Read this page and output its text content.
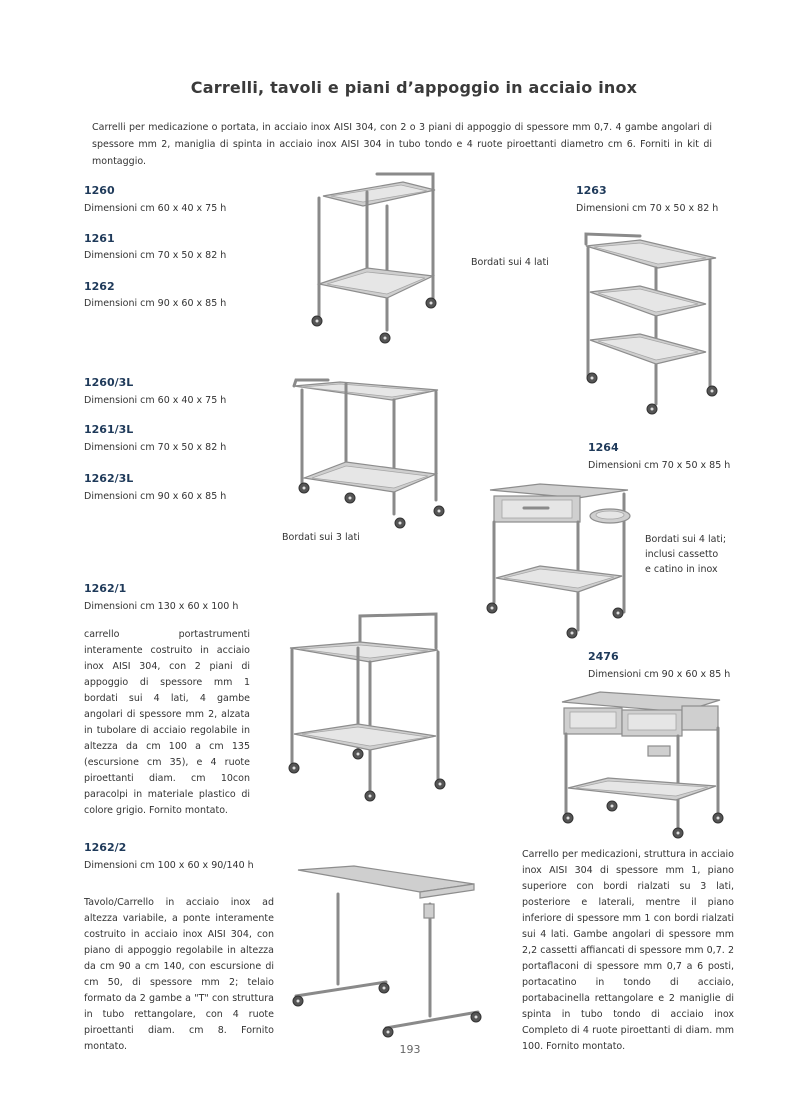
Carrelli, tavoli e piani d’appoggio in acciaio inox
Carrelli per medicazione o portata, in acciaio inox AISI 304, con 2 o 3 piani di appoggio di spessore mm 0,7. 4 gambe angolari di spessore mm 2, maniglia di spinta in acciaio inox AISI 304 in tubo tondo e 4 ruote piroettanti diametro cm 6. Forniti in kit di montaggio.
1260
Dimensioni cm 60 x 40 x 75 h
1261
Dimensioni cm 70 x 50 x 82 h
1262
Dimensioni cm 90 x 60 x 85 h
1263
Dimensioni cm 70 x 50 x 82 h
Bordati sui 4 lati
1260/3L
Dimensioni cm 60 x 40 x 75 h
1261/3L
Dimensioni cm 70 x 50 x 82 h
1262/3L
Dimensioni cm 90 x 60 x 85 h
Bordati sui 3 lati
1264
Dimensioni cm 70 x 50 x 85 h
Bordati sui 4 lati;
inclusi cassetto
e catino in inox
1262/1
Dimensioni cm 130 x 60 x 100 h
carrello portastrumenti interamente costruito in acciaio inox AISI 304, con 2 piani di appoggio di spessore mm 1 bordati sui 4 lati, 4 gambe angolari di spessore mm 2, alzata in tubolare di acciaio regolabile in altezza da cm 100 a cm 135 (escursione cm 35), e 4 ruote piroettanti diam. cm 10con paracolpi in materiale plastico di colore grigio. Fornito montato.
2476
Dimensioni cm 90 x 60 x 85 h
Carrello per medicazioni, struttura in acciaio inox AISI 304 di spessore mm 1, piano superiore con bordi rialzati su 3 lati, posteriore e laterali, mentre il piano inferiore di spessore mm 1 con bordi rialzati sui 4 lati. Gambe angolari di spessore mm 2,2 cassetti affiancati di spessore mm 0,7. 2 portaflaconi di spessore mm 0,7 a 6 posti, portacatino in tondo di acciaio, portabacinella rettangolare e 2 maniglie di spinta in tubo tondo di acciaio inox Completo di 4 ruote piroettanti di diam. mm 100. Fornito montato.
1262/2
Dimensioni cm 100 x 60 x 90/140 h
Tavolo/Carrello in acciaio inox ad altezza variabile, a ponte interamente costruito in acciaio inox AISI 304, con piano di appoggio regolabile in altezza da cm 90 a cm 140, con escursione di cm 50, di spessore mm 2; telaio formato da 2 gambe a "T" con struttura in tubo rettangolare, con 4 ruote piroettanti diam. cm 8. Fornito montato.	193
